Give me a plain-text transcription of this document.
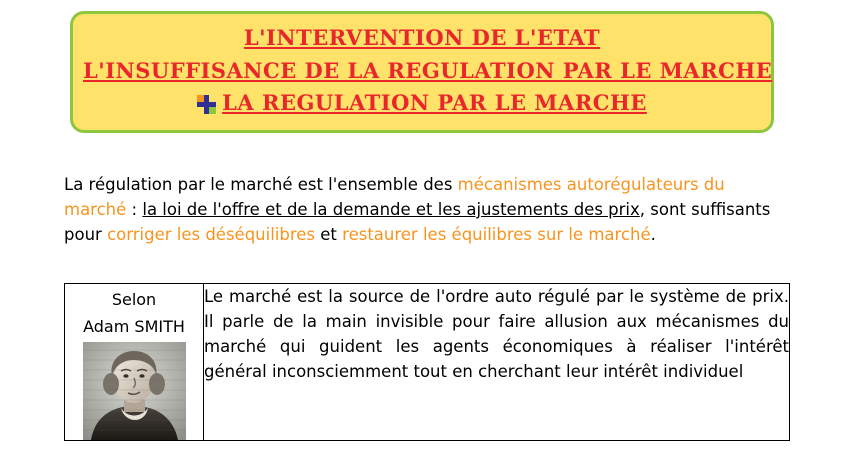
L'INTERVENTION DE L'ETAT
L'INSUFFISANCE DE LA REGULATION PAR LE MARCHE
LA REGULATION PAR LE MARCHE
La régulation par le marché est l'ensemble des mécanismes autorégulateurs du marché : la loi de l'offre et de la demande et les ajustements des prix, sont suffisants pour corriger les déséquilibres et restaurer les équilibres sur le marché.
Selon
Adam SMITH
	Le marché est la source de l'ordre auto régulé par le système de prix. Il parle de la main invisible pour faire allusion aux mécanismes du marché qui guident les agents économiques à réaliser l'intérêt général inconsciemment tout en cherchant leur intérêt individuel
